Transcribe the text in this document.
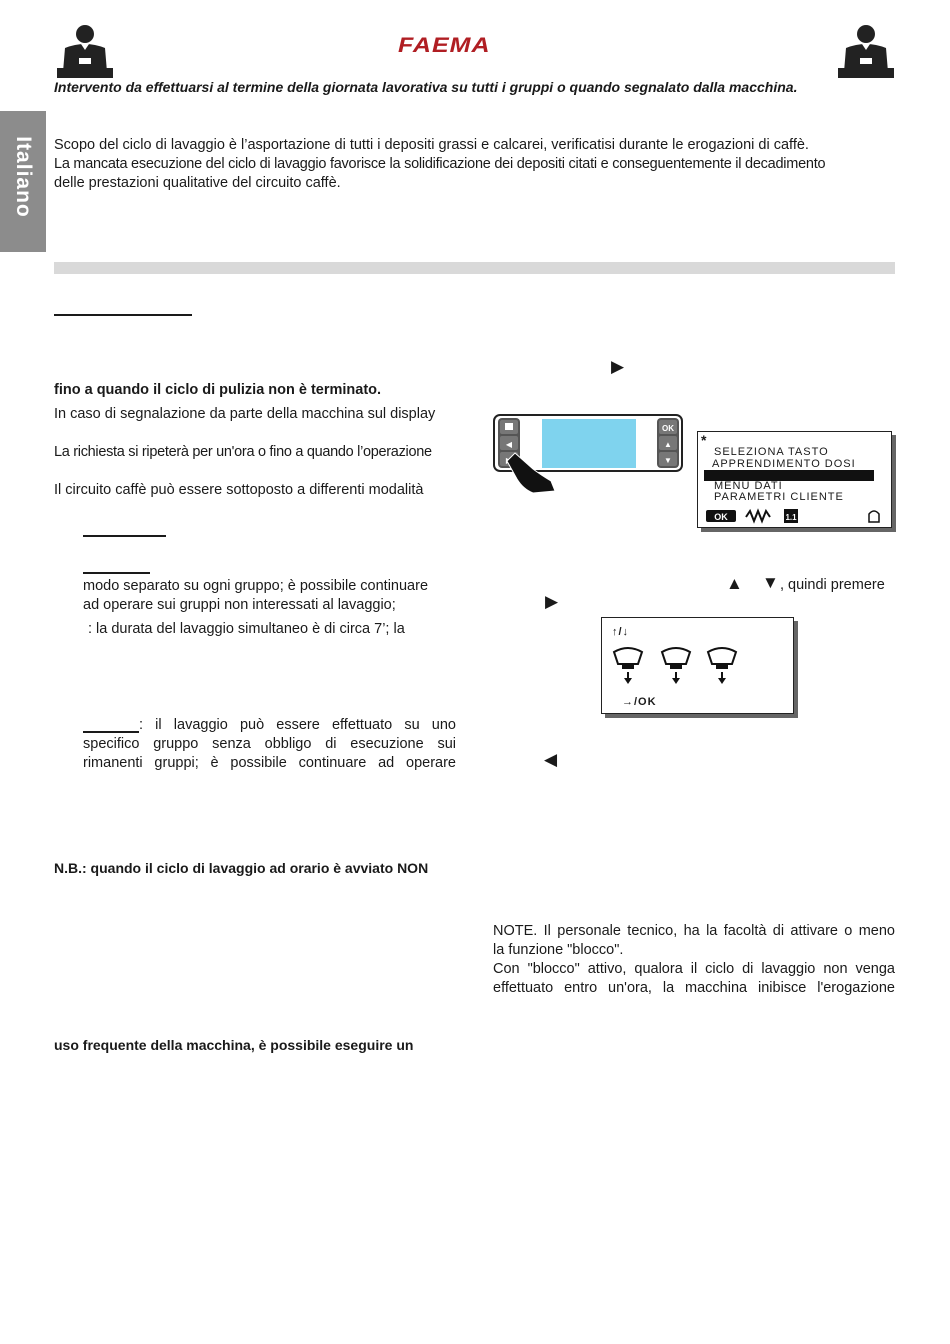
FAEMA
Intervento da effettuarsi al termine della giornata lavorativa su tutti i gruppi o quando segnalato dalla macchina.
Italiano Scopo del ciclo di lavaggio è l’asportazione di tutti i depositi grassi e calcarei, verificatisi durante le erogazioni di caffè.
La mancata esecuzione del ciclo di lavaggio favorisce la solidificazione dei depositi citati e conseguentemente il decadimento
delle prestazioni qualitative del circuito caffè.
fino a quando il ciclo di pulizia non è terminato.
In caso di segnalazione da parte della macchina sul display
La richiesta si ripeterà per un'ora o fino a quando l’operazione
Il circuito caffè può essere sottoposto a differenti modalità
modo separato su ogni gruppo; è possibile continuare
ad operare sui gruppi non interessati al lavaggio;
: la durata del lavaggio simultaneo è di circa 7’; la
: il lavaggio può essere effettuato su uno
specifico gruppo senza obbligo di esecuzione sui
rimanenti gruppi; è possibile continuare ad operare
N.B.: quando il ciclo di lavaggio ad orario è avviato NON
uso frequente della macchina, è possibile eseguire un
▶
OK
▲
▼
◀	*
SELEZIONA TASTO
APPRENDIMENTO DOSI
MENU DATI
PARAMETRI CLIENTE
OK	1.1
▲ ▼ , quindi premere
▶
↑/↓
→/OK
◀
NOTE. Il personale tecnico, ha la facoltà di attivare o meno
la funzione "blocco".
Con "blocco" attivo, qualora il ciclo di lavaggio non venga
effettuato entro un'ora, la macchina inibisce l'erogazione
